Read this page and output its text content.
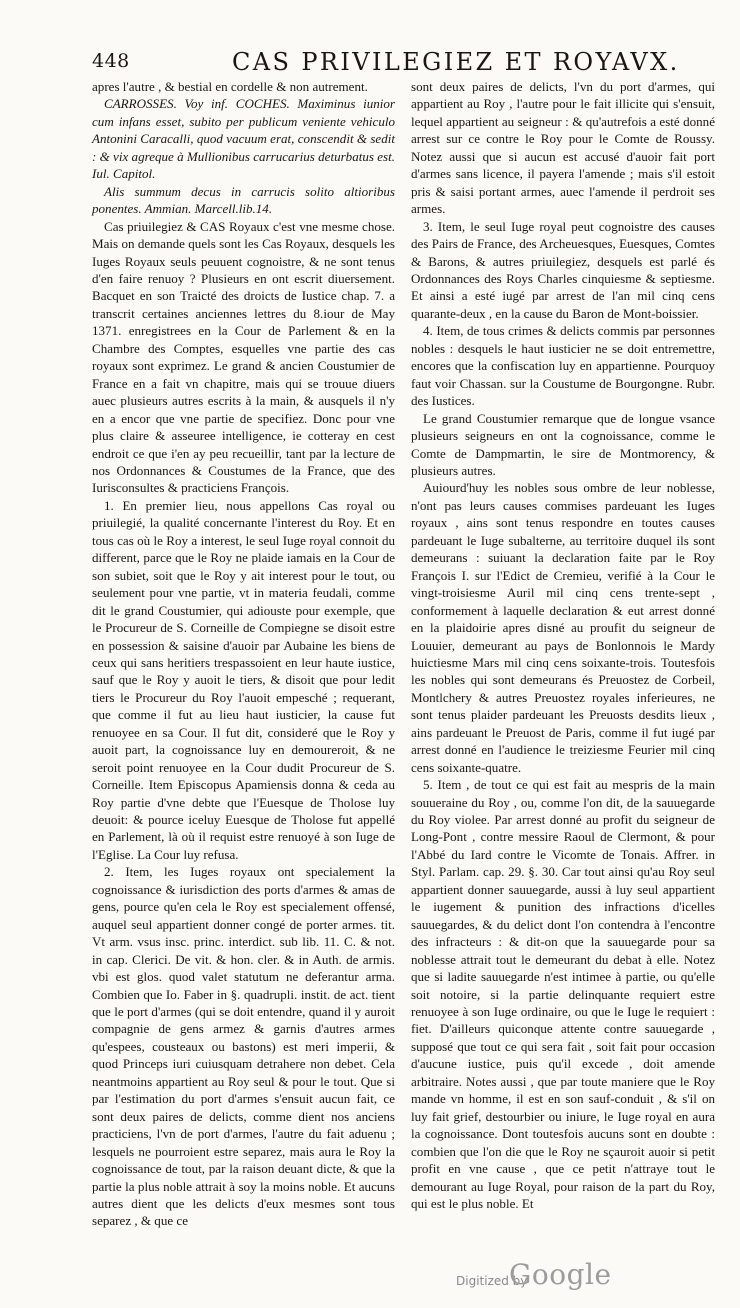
448	CAS PRIVILEGIEZ ET ROYAVX.

apres l'autre , & bestial en cordelle & non autrement.

CARROSSES. Voy inf. COCHES. Maximinus iunior cum infans esset, subito per publicum veniente vehiculo Antonini Caracalli, quod vacuum erat, conscendit & sedit : & vix agreque à Mullionibus carrucarius deturbatus est. Iul. Capitol.

Alis summum decus in carrucis solito altioribus ponentes. Ammian. Marcell.lib.14.

Cas priuilegiez & CAS Royaux c'est vne mesme chose. Mais on demande quels sont les Cas Royaux, desquels les Iuges Royaux seuls peuuent cognoistre, & ne sont tenus d'en faire renuoy ? Plusieurs en ont escrit diuersement. Bacquet en son Traicté des droicts de Iustice chap. 7. a transcrit certaines anciennes lettres du 8.iour de May 1371. enregistrees en la Cour de Parlement & en la Chambre des Comptes, esquelles vne partie des cas royaux sont exprimez. Le grand & ancien Coustumier de France en a fait vn chapitre, mais qui se trouue diuers auec plusieurs autres escrits à la main, & ausquels il n'y en a encor que vne partie de specifiez. Donc pour vne plus claire & asseuree intelligence, ie cotteray en cest endroit ce que i'en ay peu recueillir, tant par la lecture de nos Ordonnances & Coustumes de la France, que des Iurisconsultes & practiciens François.

1. En premier lieu, nous appellons Cas royal ou priuilegié, la qualité concernante l'interest du Roy. Et en tous cas où le Roy a interest, le seul Iuge royal connoit du different, parce que le Roy ne plaide iamais en la Cour de son subiet, soit que le Roy y ait interest pour le tout, ou seulement pour vne partie, vt in materia feudali, comme dit le grand Coustumier, qui adiouste pour exemple, que le Procureur de S. Corneille de Compiegne se disoit estre en possession & saisine d'auoir par Aubaine les biens de ceux qui sans heritiers trespassoient en leur haute iustice, sauf que le Roy y auoit le tiers, & disoit que pour ledit tiers le Procureur du Roy l'auoit empesché ; requerant, que comme il fut au lieu haut iusticier, la cause fut renuoyee en sa Cour. Il fut dit, consideré que le Roy y auoit part, la cognoissance luy en demoureroit, & ne seroit point renuoyee en la Cour dudit Procureur de S. Corneille. Item Episcopus Apamiensis donna & ceda au Roy partie d'vne debte que l'Euesque de Tholose luy deuoit: & pource iceluy Euesque de Tholose fut appellé en Parlement, là où il requist estre renuoyé à son Iuge de l'Eglise. La Cour luy refusa.

2. Item, les Iuges royaux ont specialement la cognoissance & iurisdiction des ports d'armes & amas de gens, pource qu'en cela le Roy est specialement offensé, auquel seul appartient donner congé de porter armes. tit. Vt arm. vsus insc. princ. interdict. sub lib. 11. C. & not. in cap. Clerici. De vit. & hon. cler. & in Auth. de armis. vbi est glos. quod valet statutum ne deferantur arma. Combien que Io. Faber in §. quadrupli. instit. de act. tient que le port d'armes (qui se doit entendre, quand il y auroit compagnie de gens armez & garnis d'autres armes qu'espees, cousteaux ou bastons) est meri imperii, & quod Princeps iuri cuiusquam detrahere non debet. Cela neantmoins appartient au Roy seul & pour le tout. Que si par l'estimation du port d'armes s'ensuit aucun fait, ce sont deux paires de delicts, comme dient nos anciens practiciens, l'vn de port d'armes, l'autre du fait aduenu ; lesquels ne pourroient estre separez, mais aura le Roy la cognoissance de tout, par la raison deuant dicte, & que la partie la plus noble attrait à soy la moins noble. Et aucuns autres dient que les delicts d'eux mesmes sont tous separez , & que ce

sont deux paires de delicts, l'vn du port d'armes, qui appartient au Roy , l'autre pour le fait illicite qui s'ensuit, lequel appartient au seigneur : & qu'autrefois a esté donné arrest sur ce contre le Roy pour le Comte de Roussy. Notez aussi que si aucun est accusé d'auoir fait port d'armes sans licence, il payera l'amende ; mais s'il estoit pris & saisi portant armes, auec l'amende il perdroit ses armes.

3. Item, le seul Iuge royal peut cognoistre des causes des Pairs de France, des Archeuesques, Euesques, Comtes & Barons, & autres priuilegiez, desquels est parlé és Ordonnances des Roys Charles cinquiesme & septiesme. Et ainsi a esté iugé par arrest de l'an mil cinq cens quarante-deux , en la cause du Baron de Mont-boissier.

4. Item, de tous crimes & delicts commis par personnes nobles : desquels le haut iusticier ne se doit entremettre, encores que la confiscation luy en appartienne. Pourquoy faut voir Chassan. sur la Coustume de Bourgongne. Rubr. des Iustices.

Le grand Coustumier remarque que de longue vsance plusieurs seigneurs en ont la cognoissance, comme le Comte de Dampmartin, le sire de Montmorency, & plusieurs autres.

Auiourd'huy les nobles sous ombre de leur noblesse, n'ont pas leurs causes commises pardeuant les Iuges royaux , ains sont tenus respondre en toutes causes pardeuant le Iuge subalterne, au territoire duquel ils sont demeurans : suiuant la declaration faite par le Roy François I. sur l'Edict de Cremieu, verifié à la Cour le vingt-troisiesme Auril mil cinq cens trente-sept , conformement à laquelle declaration & eut arrest donné en la plaidoirie apres disné au proufit du seigneur de Louuier, demeurant au pays de Bonlonnois le Mardy huictiesme Mars mil cinq cens soixante-trois. Toutesfois les nobles qui sont demeurans és Preuostez de Corbeil, Montlchery & autres Preuostez royales inferieures, ne sont tenus plaider pardeuant les Preuosts desdits lieux , ains pardeuant le Preuost de Paris, comme il fut iugé par arrest donné en l'audience le treiziesme Feurier mil cinq cens soixante-quatre.

5. Item , de tout ce qui est fait au mespris de la main souueraine du Roy , ou, comme l'on dit, de la sauuegarde du Roy violee. Par arrest donné au profit du seigneur de Long-Pont , contre messire Raoul de Clermont, & pour l'Abbé du Iard contre le Vicomte de Tonais. Affrer. in Styl. Parlam. cap. 29. §. 30. Car tout ainsi qu'au Roy seul appartient donner sauuegarde, aussi à luy seul appartient le iugement & punition des infractions d'icelles sauuegardes, & du delict dont l'on contendra à l'encontre des infracteurs : & dit-on que la sauuegarde pour sa noblesse attrait tout le demeurant du debat à elle. Notez que si ladite sauuegarde n'est intimee à partie, ou qu'elle soit notoire, si la partie delinquante requiert estre renuoyee à son Iuge ordinaire, ou que le Iuge le requiert : fiet. D'ailleurs quiconque attente contre sauuegarde , supposé que tout ce qui sera fait , soit fait pour occasion d'aucune iustice, puis qu'il excede , doit amende arbitraire. Notes aussi , que par toute maniere que le Roy mande vn homme, il est en son sauf-conduit , & s'il on luy fait grief, destourbier ou iniure, le Iuge royal en aura la cognoissance. Dont toutesfois aucuns sont en doubte : combien que l'on die que le Roy ne sçauroit auoir si petit profit en vne cause , que ce petit n'attraye tout le demourant au Iuge Royal, pour raison de la part du Roy, qui est le plus noble. Et

Digitized by
Google
